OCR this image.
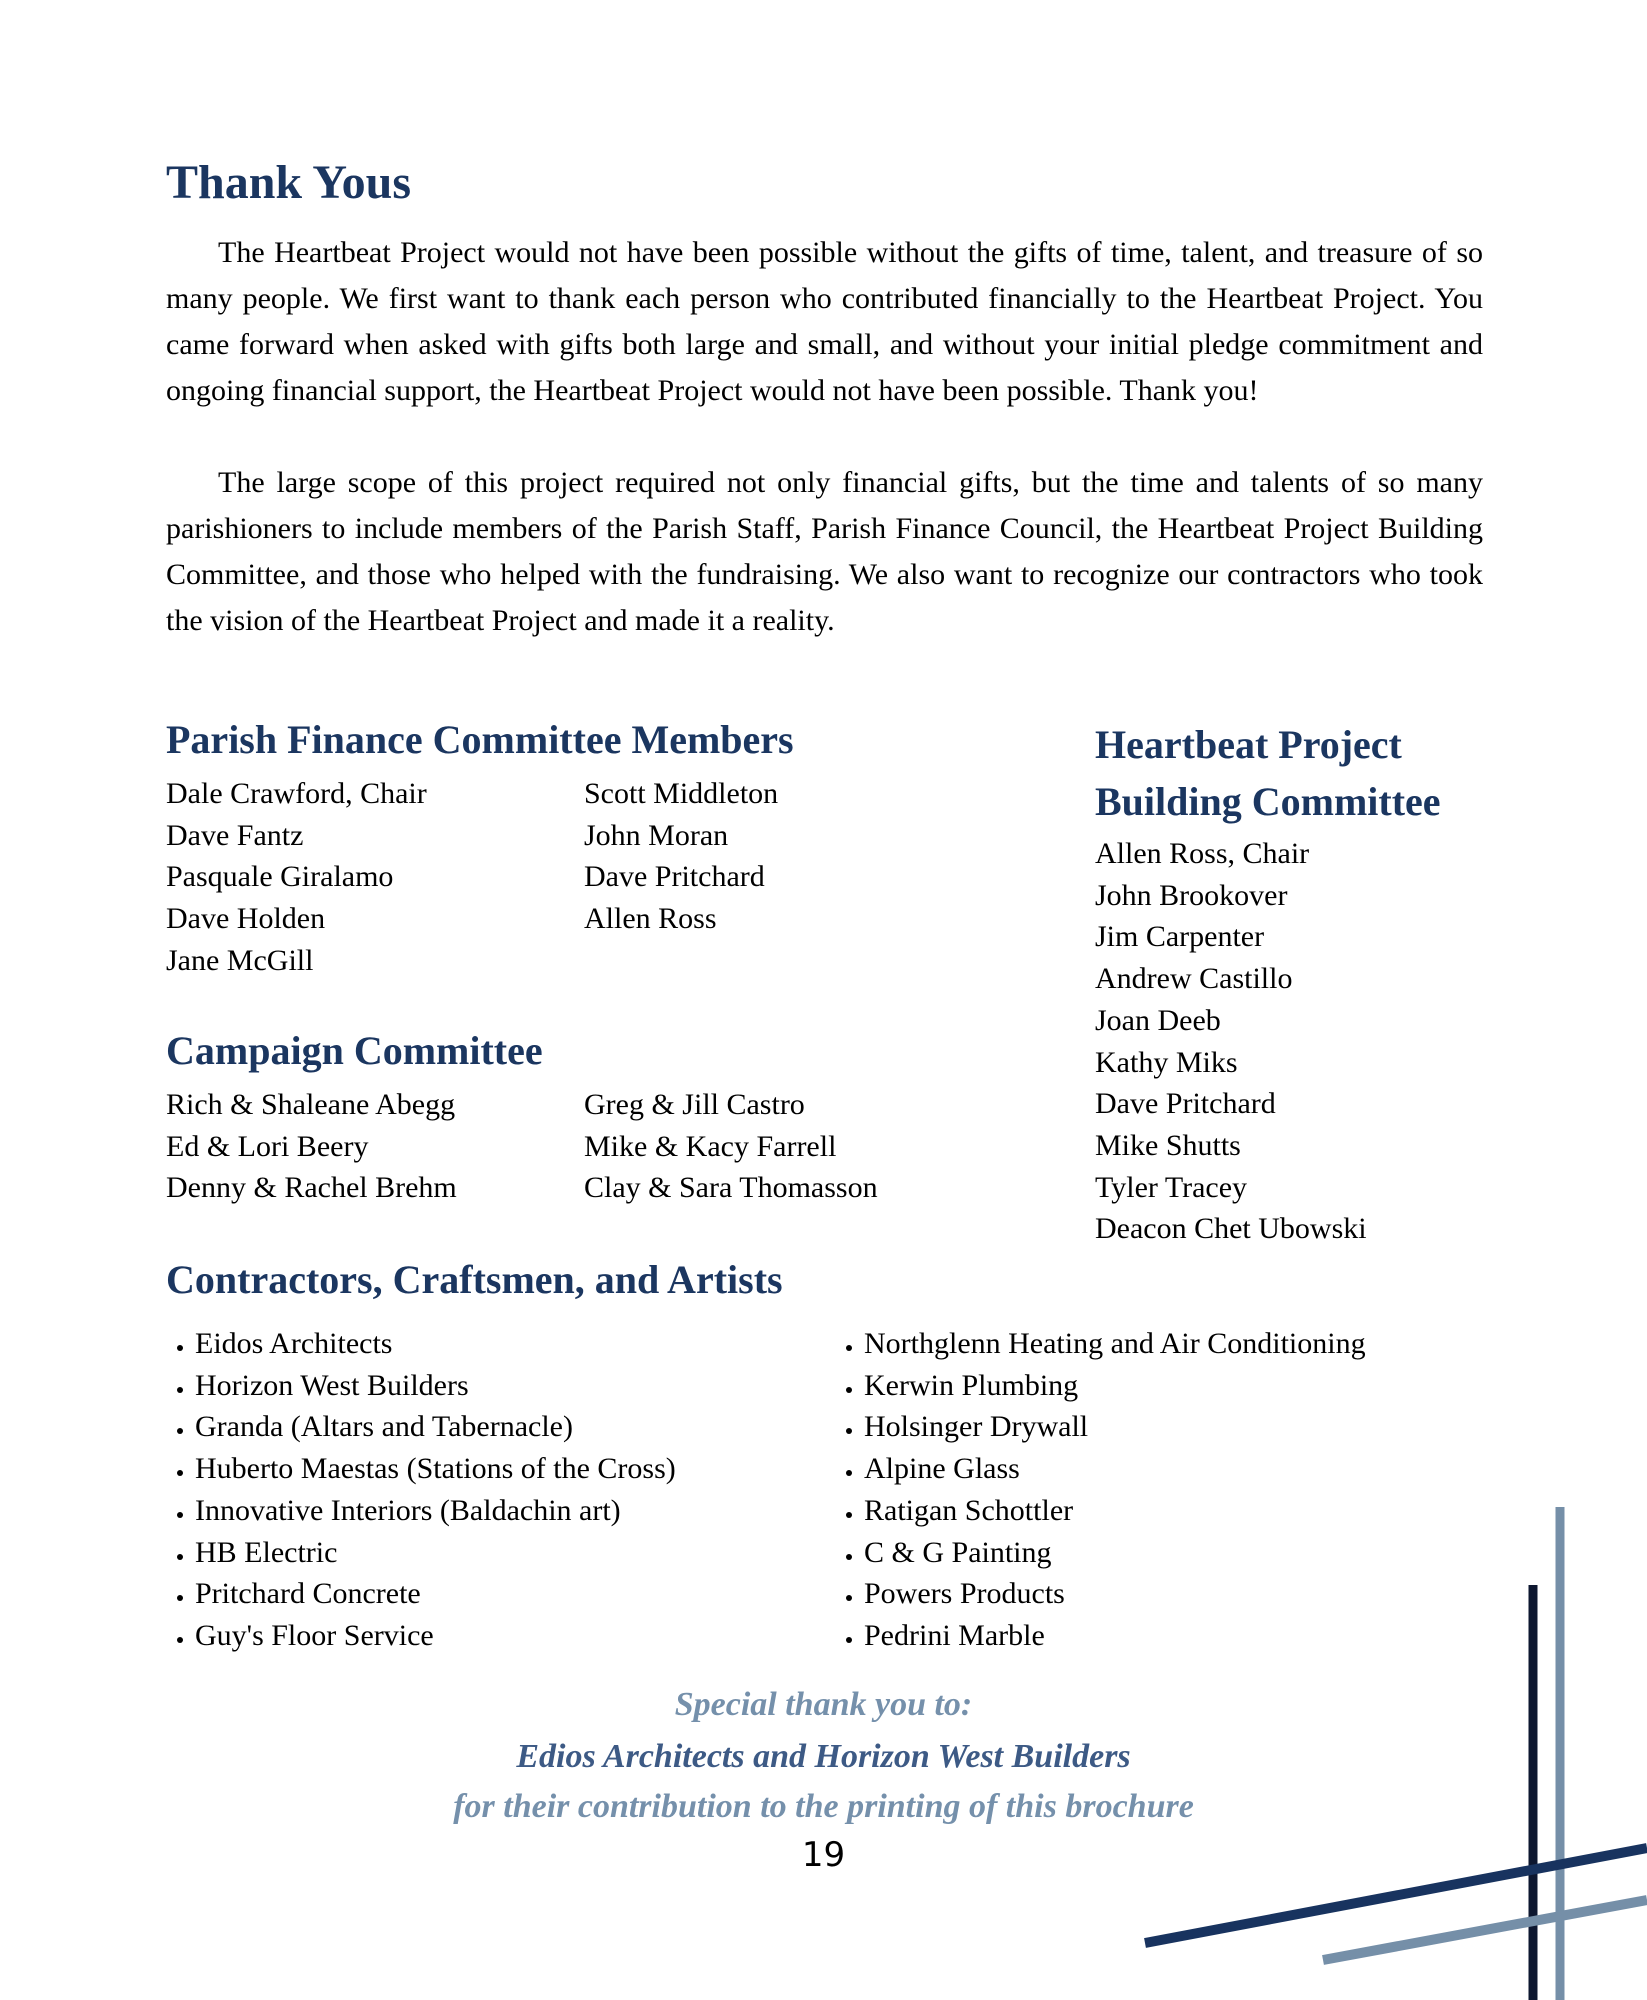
Thank Yous

The Heartbeat Project would not have been possible without the gifts of time, talent, and treasure of so many people. We first want to thank each person who contributed financially to the Heartbeat Project. You came forward when asked with gifts both large and small, and without your initial pledge commitment and ongoing financial support, the Heartbeat Project would not have been possible. Thank you!

The large scope of this project required not only financial gifts, but the time and talents of so many parishioners to include members of the Parish Staff, Parish Finance Council, the Heartbeat Project Building Committee, and those who helped with the fundraising. We also want to recognize our contractors who took the vision of the Heartbeat Project and made it a reality.

Parish Finance Committee Members
Dale Crawford, Chair
Dave Fantz
Pasquale Giralamo
Dave Holden
Jane McGill
Scott Middleton
John Moran
Dave Pritchard
Allen Ross
Heartbeat Project
Building Committee
Allen Ross, Chair
John Brookover
Jim Carpenter
Andrew Castillo
Joan Deeb
Kathy Miks
Dave Pritchard
Mike Shutts
Tyler Tracey
Deacon Chet Ubowski
Campaign Committee
Rich & Shaleane Abegg
Ed & Lori Beery
Denny & Rachel Brehm
Greg & Jill Castro
Mike & Kacy Farrell
Clay & Sara Thomasson
Contractors, Craftsmen, and Artists
• Eidos Architects
• Horizon West Builders
• Granda (Altars and Tabernacle)
• Huberto Maestas (Stations of the Cross)
• Innovative Interiors (Baldachin art)
• HB Electric
• Pritchard Concrete
• Guy's Floor Service
• Northglenn Heating and Air Conditioning
• Kerwin Plumbing
• Holsinger Drywall
• Alpine Glass
• Ratigan Schottler
• C & G Painting
• Powers Products
• Pedrini Marble
Special thank you to:
Edios Architects and Horizon West Builders
for their contribution to the printing of this brochure
19
